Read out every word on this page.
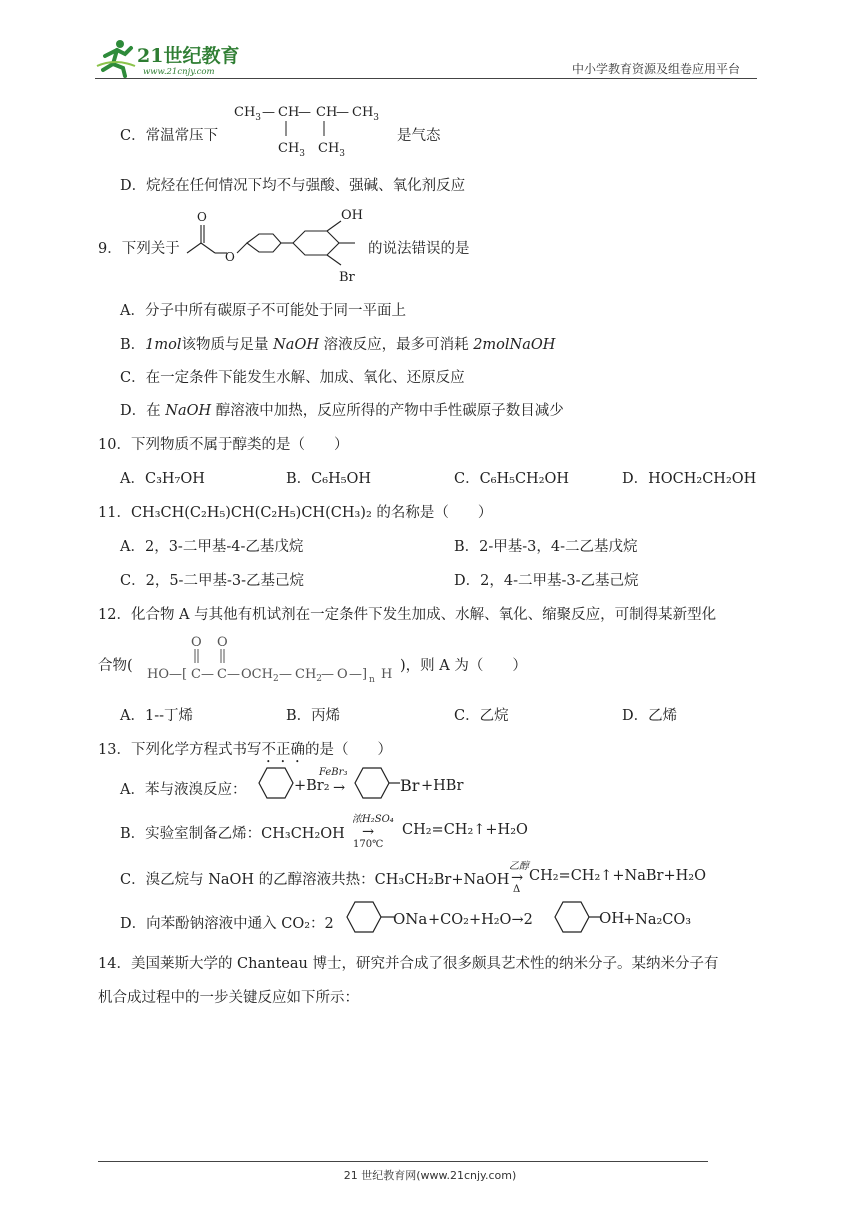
21世纪教育
www.21cnjy.com	中小学教育资源及组卷应用平台
C．常温常压下
$CH_3$ — CH
— CH
— $CH_3$
$CH_3$ $CH_3$
是气态
D．烷烃在任何情况下均不与强酸、强碱、氧化剂反应
9．下列关于
O
O
OH
Br
的说法错误的是
A．分子中所有碳原子不可能处于同一平面上
B．1mol该物质与足量 NaOH 溶液反应，最多可消耗 2molNaOH
C．在一定条件下能发生水解、加成、氧化、还原反应
D．在 NaOH 醇溶液中加热，反应所得的产物中手性碳原子数目减少
10．下列物质不属于醇类的是（　　）
A．C₃H₇OH	B．C₆H₅OH	C．C₆H₅CH₂OH	D．HOCH₂CH₂OH
11．CH₃CH(C₂H₅)CH(C₂H₅)CH(CH₃)₂ 的名称是（　　）
A．2，3-二甲基-4-乙基戊烷	B．2-甲基-3，4-二乙基戊烷
C．2，5-二甲基-3-乙基己烷	D．2，4-二甲基-3-乙基己烷
12．化合物 A 与其他有机试剂在一定条件下发生加成、水解、氧化、缩聚反应，可制得某新型化
合物(
O O
HO —[ C — C — $OCH_2$ — $CH_2$
— O —] n H
)，则 A 为（　　）
A．1--丁烯	B．丙烯	C．乙烷	D．乙烯
13．下列化学方程式书写不正确的是（　　）
A．苯与液溴反应：	+Br₂
FeBr₃
→	Br +HBr
B．实验室制备乙烯：CH₃CH₂OH
浓H₂SO₄
→
170℃
CH₂=CH₂↑+H₂O
C．溴乙烷与 NaOH 的乙醇溶液共热：CH₃CH₂Br+NaOH
乙醇
→
Δ
CH₂=CH₂↑+NaBr+H₂O
D．向苯酚钠溶液中通入 CO₂：2	ONa +CO₂+H₂O→2	OH
+Na₂CO₃
14．美国莱斯大学的 Chanteau 博士，研究并合成了很多颇具艺术性的纳米分子。某纳米分子有
机合成过程中的一步关键反应如下所示：
21 世纪教育网(www.21cnjy.com)
